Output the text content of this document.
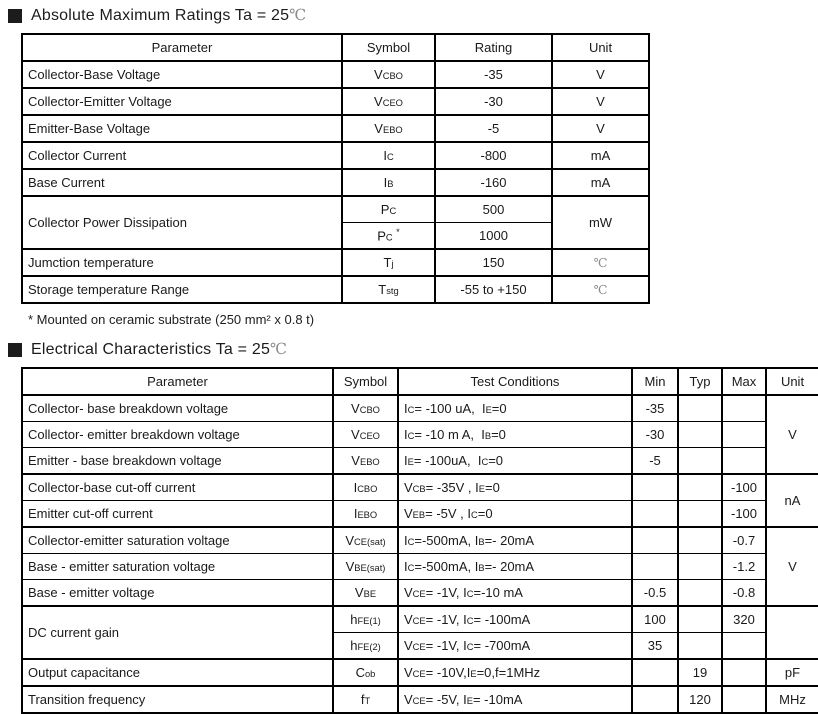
Absolute Maximum Ratings Ta = 25℃
Parameter	Symbol	Rating	Unit
Collector-Base Voltage	VCBO	-35	V
Collector-Emitter Voltage	VCEO	-30	V
Emitter-Base Voltage	VEBO	-5	V
Collector Current	IC	-800	mA
Base Current	IB	-160	mA
Collector Power Dissipation	PC	500	mW
	PC *	1000	
Jumction temperature	Tj	150	℃
Storage temperature Range	Tstg	-55 to +150	℃
* Mounted on ceramic substrate (250 mm² x 0.8 t)
Electrical Characteristics Ta = 25℃
Parameter	Symbol	Test Conditions	Min	Typ	Max	Unit
Collector- base breakdown voltage	VCBO	IC= -100 uA,  IE=0	-35			V
Collector- emitter breakdown voltage	VCEO	IC= -10 m A,  IB=0	-30			
Emitter - base breakdown voltage	VEBO	IE= -100uA,  IC=0	-5			
Collector-base cut-off current	ICBO	VCB= -35V , IE=0			-100	nA
Emitter cut-off current	IEBO	VEB= -5V , IC=0			-100	
Collector-emitter saturation voltage	VCE(sat)	IC=-500mA, IB=- 20mA			-0.7	V
Base - emitter saturation voltage	VBE(sat)	IC=-500mA, IB=- 20mA			-1.2	
Base - emitter voltage	VBE	VCE= -1V, IC=-10 mA	-0.5		-0.8	
DC current gain	hFE(1)	VCE= -1V, IC= -100mA	100		320	
	hFE(2)	VCE= -1V, IC= -700mA	35			
Output capacitance	Cob	VCE= -10V,IE=0,f=1MHz		19		pF
Transition frequency	fT	VCE= -5V, IE= -10mA		120		MHz
